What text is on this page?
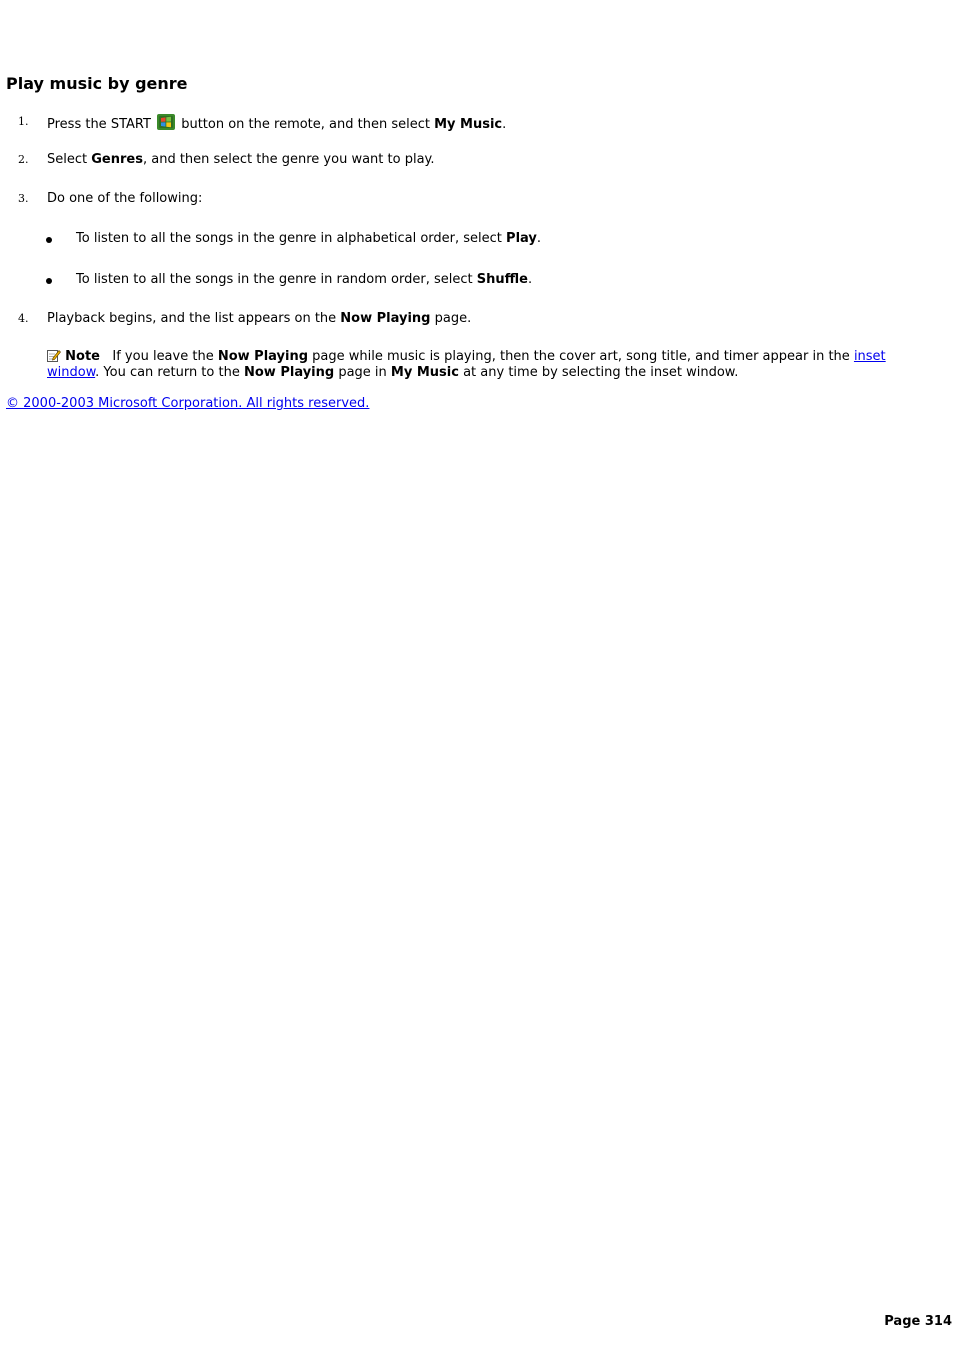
Play music by genre
1. Press the START button on the remote, and then select My Music.
2. Select Genres, and then select the genre you want to play.
3. Do one of the following:
To listen to all the songs in the genre in alphabetical order, select Play.
To listen to all the songs in the genre in random order, select Shuffle.
4. Playback begins, and the list appears on the Now Playing page.
Note If you leave the Now Playing page while music is playing, then the cover art, song title, and timer appear in the inset window. You can return to the Now Playing page in My Music at any time by selecting the inset window.
© 2000-2003 Microsoft Corporation. All rights reserved.
Page 314
